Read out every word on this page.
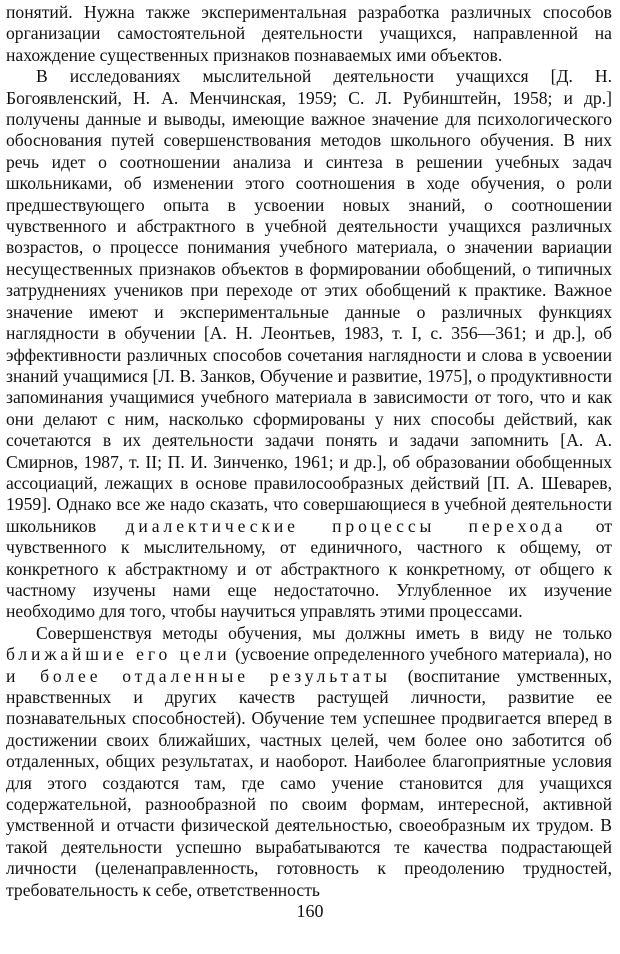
понятий. Нужна также экспериментальная разработка различных способов организации самостоятельной деятельности учащихся, направленной на нахождение существенных признаков познаваемых ими объектов.

В исследованиях мыслительной деятельности учащихся [Д. Н. Богоявленский, Н. А. Менчинская, 1959; С. Л. Рубинштейн, 1958; и др.] получены данные и выводы, имеющие важное значение для психологического обоснования путей совершенствования методов школьного обучения. В них речь идет о соотношении анализа и синтеза в решении учебных задач школьниками, об изменении этого соотношения в ходе обучения, о роли предшествующего опыта в усвоении новых знаний, о соотношении чувственного и абстрактного в учебной деятельности учащихся различных возрастов, о процессе понимания учебного материала, о значении вариации несущественных признаков объектов в формировании обобщений, о типичных затруднениях учеников при переходе от этих обобщений к практике. Важное значение имеют и экспериментальные данные о различных функциях наглядности в обучении [А. Н. Леонтьев, 1983, т. I, с. 356—361; и др.], об эффективности различных способов сочетания наглядности и слова в усвоении знаний учащимися [Л. В. Занков, Обучение и развитие, 1975], о продуктивности запоминания учащимися учебного материала в зависимости от того, что и как они делают с ним, насколько сформированы у них способы действий, как сочетаются в их деятельности задачи понять и задачи запомнить [А. А. Смирнов, 1987, т. II; П. И. Зинченко, 1961; и др.], об образовании обобщенных ассоциаций, лежащих в основе правилосообразных действий [П. А. Шеварев, 1959]. Однако все же надо сказать, что совершающиеся в учебной деятельности школьников диалектические процессы перехода от чувственного к мыслительному, от единичного, частного к общему, от конкретного к абстрактному и от абстрактного к конкретному, от общего к частному изучены нами еще недостаточно. Углубленное их изучение необходимо для того, чтобы научиться управлять этими процессами.

Совершенствуя методы обучения, мы должны иметь в виду не только ближайшие его цели (усвоение определенного учебного материала), но и более отдаленные результаты (воспитание умственных, нравственных и других качеств растущей личности, развитие ее познавательных способностей). Обучение тем успешнее продвигается вперед в достижении своих ближайших, частных целей, чем более оно заботится об отдаленных, общих результатах, и наоборот. Наиболее благоприятные условия для этого создаются там, где само учение становится для учащихся содержательной, разнообразной по своим формам, интересной, активной умственной и отчасти физической деятельностью, своеобразным их трудом. В такой деятельности успешно вырабатываются те качества подрастающей личности (целенаправленность, готовность к преодолению трудностей, требовательность к себе, ответственность

160
